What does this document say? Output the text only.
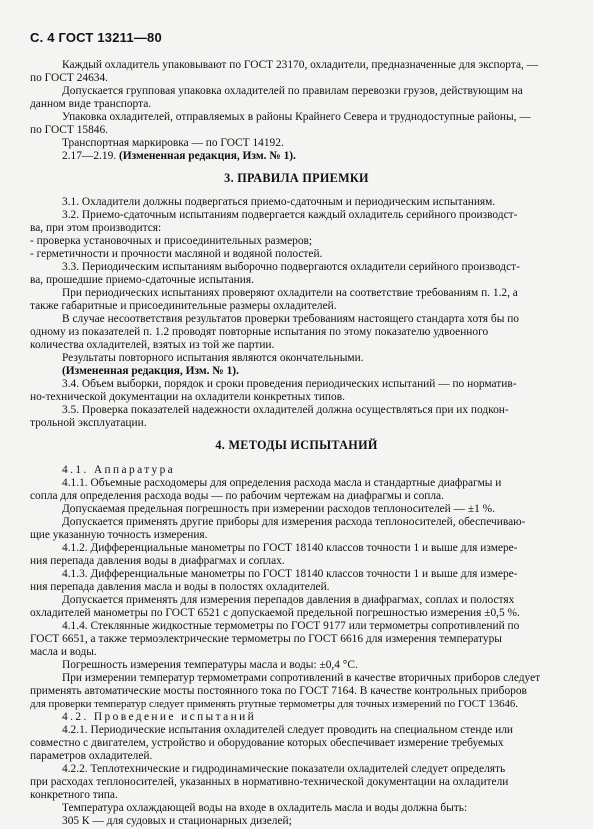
С. 4 ГОСТ 13211—80
Каждый охладитель упаковывают по ГОСТ 23170, охладители, предназначенные для экспорта, —
по ГОСТ 24634.
Допускается групповая упаковка охладителей по правилам перевозки грузов, действующим на
данном виде транспорта.
Упаковка охладителей, отправляемых в районы Крайнего Севера и труднодоступные районы, —
по ГОСТ 15846.
Транспортная маркировка — по ГОСТ 14192.
2.17—2.19. (Измененная редакция, Изм. № 1).
3. ПРАВИЛА ПРИЕМКИ
3.1. Охладители должны подвергаться приемо-сдаточным и периодическим испытаниям.
3.2. Приемо-сдаточным испытаниям подвергается каждый охладитель серийного производст-
ва, при этом производится:
- проверка установочных и присоединительных размеров;
- герметичности и прочности масляной и водяной полостей.
3.3. Периодическим испытаниям выборочно подвергаются охладители серийного производст-
ва, прошедшие приемо-сдаточные испытания.
При периодических испытаниях проверяют охладители на соответствие требованиям п. 1.2, а
также габаритные и присоединительные размеры охладителей.
В случае несоответствия результатов проверки требованиям настоящего стандарта хотя бы по
одному из показателей п. 1.2 проводят повторные испытания по этому показателю удвоенного
количества охладителей, взятых из той же партии.
Результаты повторного испытания являются окончательными.
(Измененная редакция, Изм. № 1).
3.4. Объем выборки, порядок и сроки проведения периодических испытаний — по норматив-
но-технической документации на охладители конкретных типов.
3.5. Проверка показателей надежности охладителей должна осуществляться при их подкон-
трольной эксплуатации.
4. МЕТОДЫ ИСПЫТАНИЙ
4.1. Аппаратура
4.1.1. Объемные расходомеры для определения расхода масла и стандартные диафрагмы и
сопла для определения расхода воды — по рабочим чертежам на диафрагмы и сопла.
Допускаемая предельная погрешность при измерении расходов теплоносителей — ±1 %.
Допускается применять другие приборы для измерения расхода теплоносителей, обеспечиваю-
щие указанную точность измерения.
4.1.2. Дифференциальные манометры по ГОСТ 18140 классов точности 1 и выше для измере-
ния перепада давления воды в диафрагмах и соплах.
4.1.3. Дифференциальные манометры по ГОСТ 18140 классов точности 1 и выше для измере-
ния перепада давления масла и воды в полостях охладителей.
Допускается применять для измерения перепадов давления в диафрагмах, соплах и полостях
охладителей манометры по ГОСТ 6521 с допускаемой предельной погрешностью измерения ±0,5 %.
4.1.4. Стеклянные жидкостные термометры по ГОСТ 9177 или термометры сопротивлений по
ГОСТ 6651, а также термоэлектрические термометры по ГОСТ 6616 для измерения температуры
масла и воды.
Погрешность измерения температуры масла и воды: ±0,4 °С.
При измерении температур термометрами сопротивлений в качестве вторичных приборов следует
применять автоматические мосты постоянного тока по ГОСТ 7164. В качестве контрольных приборов
для проверки температур следует применять ртутные термометры для точных измерений по ГОСТ 13646.
4.2. Проведение испытаний
4.2.1. Периодические испытания охладителей следует проводить на специальном стенде или
совместно с двигателем, устройство и оборудование которых обеспечивает измерение требуемых
параметров охладителей.
4.2.2. Теплотехнические и гидродинамические показатели охладителей следует определять
при расходах теплоносителей, указанных в нормативно-технической документации на охладители
конкретного типа.
Температура охлаждающей воды на входе в охладитель масла и воды должна быть:
305 К — для судовых и стационарных дизелей;
